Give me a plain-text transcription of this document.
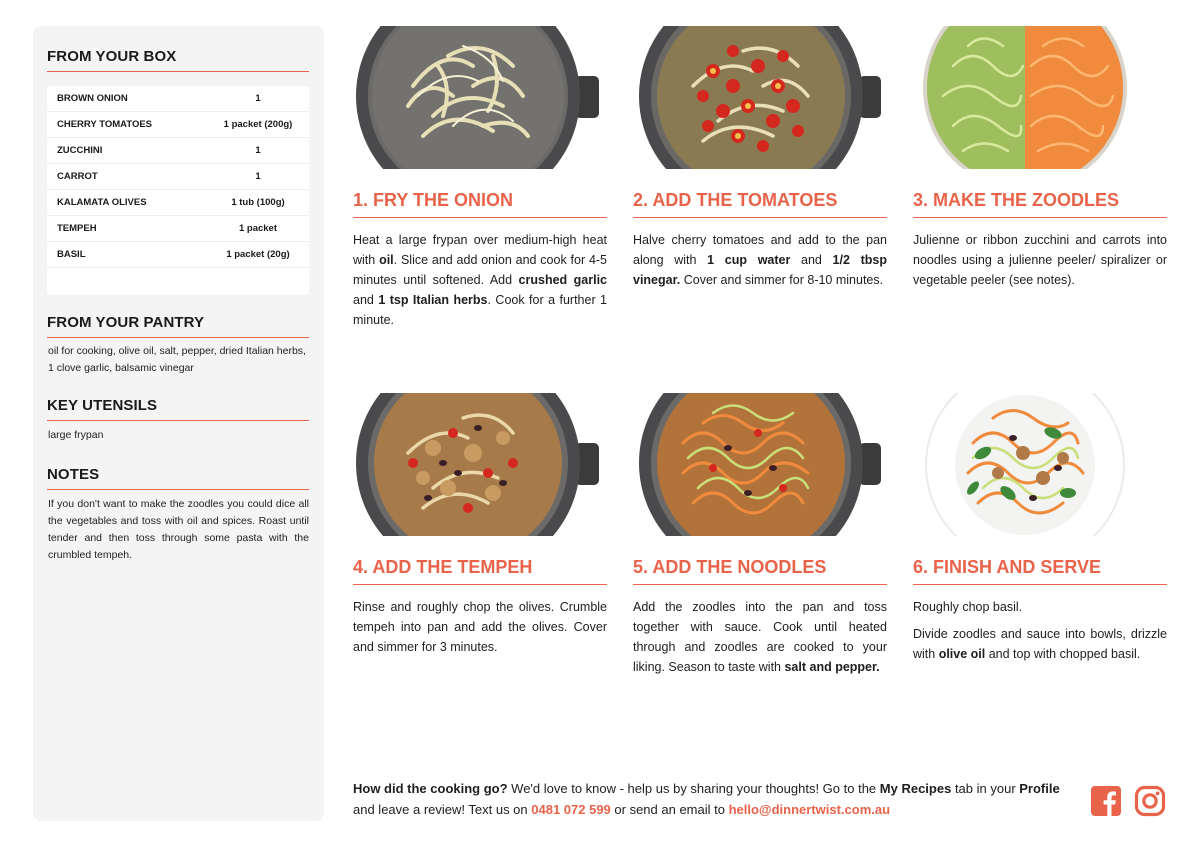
FROM YOUR BOX
BROWN ONION	1
CHERRY TOMATOES	1 packet (200g)
ZUCCHINI	1
CARROT	1
KALAMATA OLIVES	1 tub (100g)
TEMPEH	1 packet
BASIL	1 packet (20g)
FROM YOUR PANTRY
oil for cooking, olive oil, salt, pepper, dried Italian herbs, 1 clove garlic, balsamic vinegar
KEY UTENSILS
large frypan
NOTES
If you don't want to make the zoodles you could dice all the vegetables and toss with oil and spices. Roast until tender and then toss through some pasta with the crumbled tempeh.
1. FRY THE ONION

Heat a large frypan over medium-high heat with oil. Slice and add onion and cook for 4-5 minutes until softened. Add crushed garlic and 1 tsp Italian herbs. Cook for a further 1 minute.

2. ADD THE TOMATOES

Halve cherry tomatoes and add to the pan along with 1 cup water and 1/2 tbsp vinegar. Cover and simmer for 8-10 minutes.

3. MAKE THE ZOODLES

Julienne or ribbon zucchini and carrots into noodles using a julienne peeler/ spiralizer or vegetable peeler (see notes).

4. ADD THE TEMPEH

Rinse and roughly chop the olives. Crumble tempeh into pan and add the olives. Cover and simmer for 3 minutes.

5. ADD THE NOODLES

Add the zoodles into the pan and toss together with sauce. Cook until heated through and zoodles are cooked to your liking. Season to taste with salt and pepper.

6. FINISH AND SERVE

Roughly chop basil.

Divide zoodles and sauce into bowls, drizzle with olive oil and top with chopped basil.

How did the cooking go? We'd love to know - help us by sharing your thoughts! Go to the My Recipes tab in your Profile and leave a review! Text us on 0481 072 599 or send an email to hello@dinnertwist.com.au
